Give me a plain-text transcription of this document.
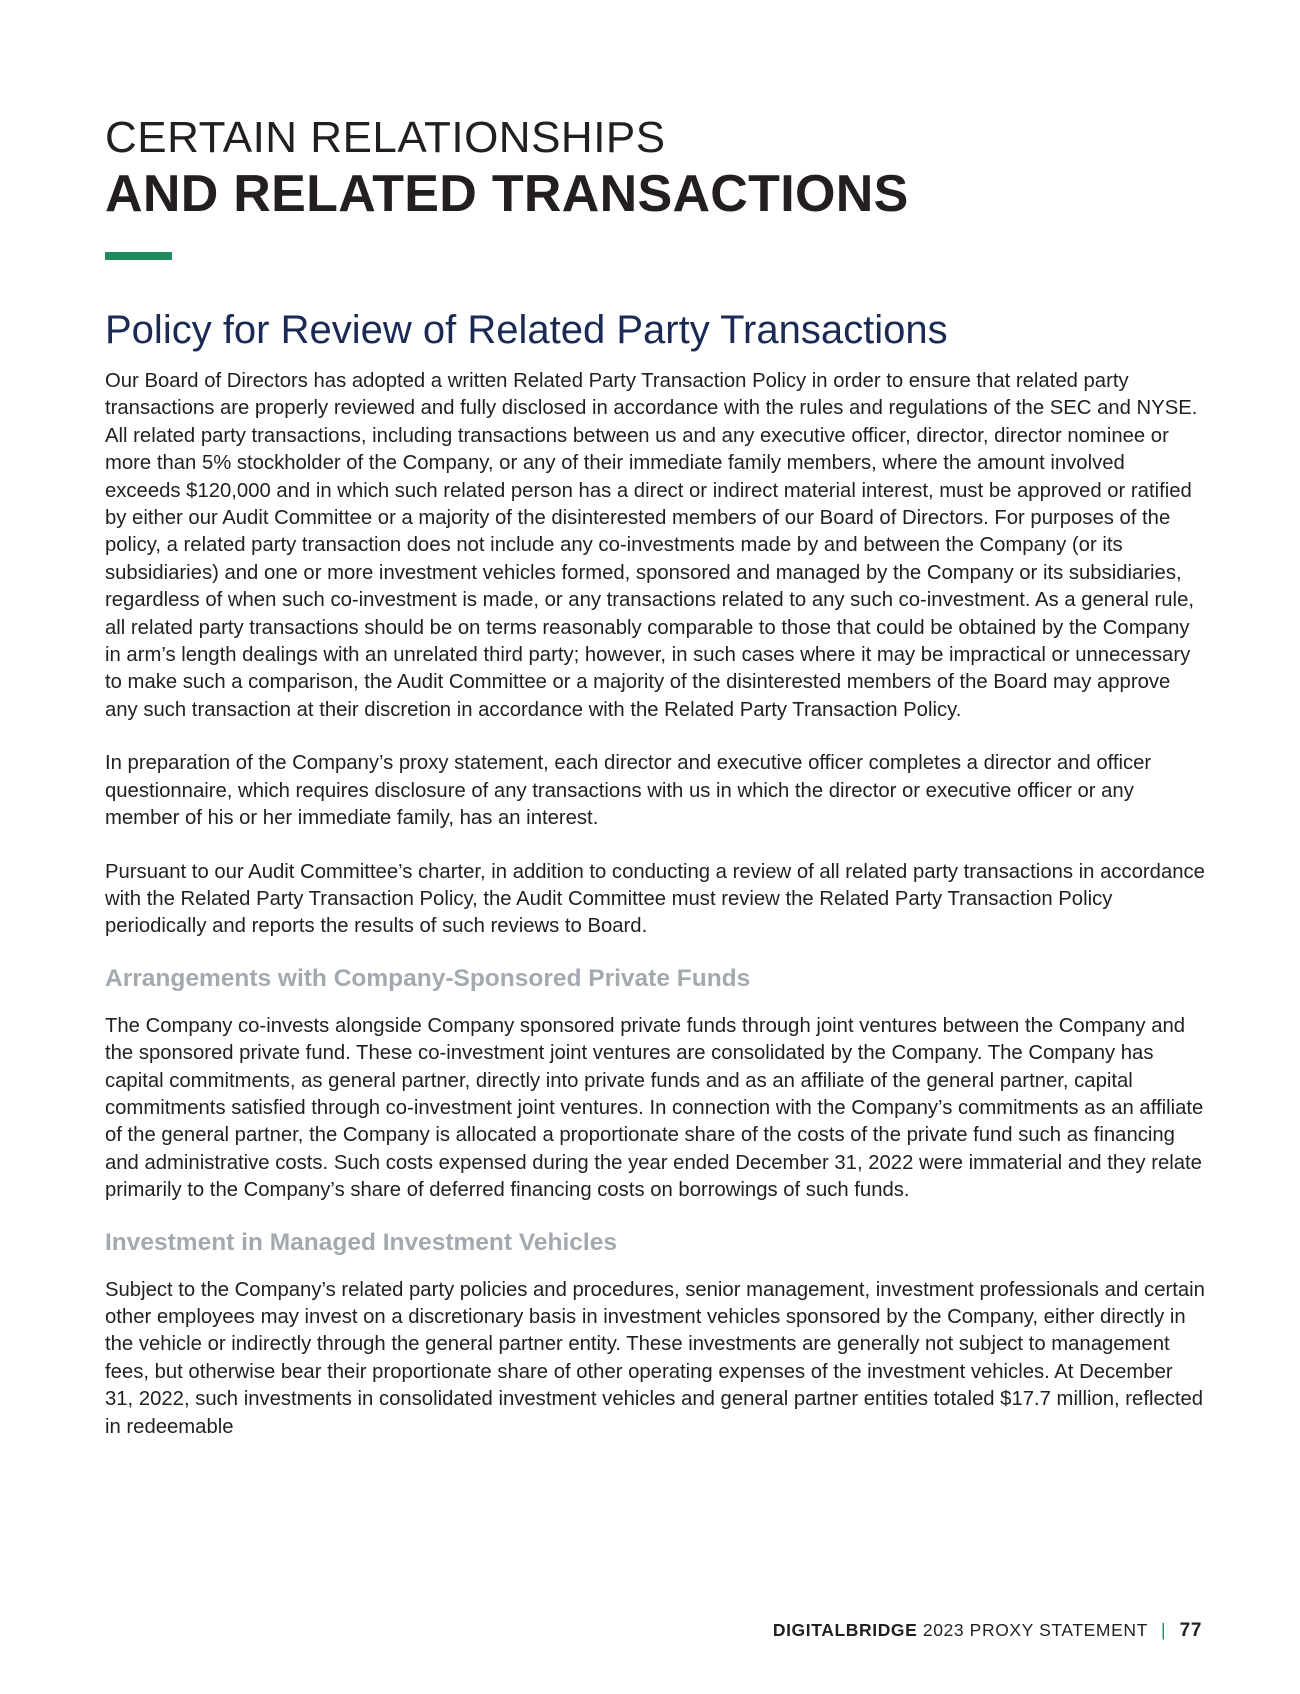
CERTAIN RELATIONSHIPS
AND RELATED TRANSACTIONS
Policy for Review of Related Party Transactions

Our Board of Directors has adopted a written Related Party Transaction Policy in order to ensure that related party transactions are properly reviewed and fully disclosed in accordance with the rules and regulations of the SEC and NYSE. All related party transactions, including transactions between us and any executive officer, director, director nominee or more than 5% stockholder of the Company, or any of their immediate family members, where the amount involved exceeds $120,000 and in which such related person has a direct or indirect material interest, must be approved or ratified by either our Audit Committee or a majority of the disinterested members of our Board of Directors. For purposes of the policy, a related party transaction does not include any co-investments made by and between the Company (or its subsidiaries) and one or more investment vehicles formed, sponsored and managed by the Company or its subsidiaries, regardless of when such co-investment is made, or any transactions related to any such co-investment. As a general rule, all related party transactions should be on terms reasonably comparable to those that could be obtained by the Company in arm’s length dealings with an unrelated third party; however, in such cases where it may be impractical or unnecessary to make such a comparison, the Audit Committee or a majority of the disinterested members of the Board may approve any such transaction at their discretion in accordance with the Related Party Transaction Policy.

In preparation of the Company’s proxy statement, each director and executive officer completes a director and officer questionnaire, which requires disclosure of any transactions with us in which the director or executive officer or any member of his or her immediate family, has an interest.

Pursuant to our Audit Committee’s charter, in addition to conducting a review of all related party transactions in accordance with the Related Party Transaction Policy, the Audit Committee must review the Related Party Transaction Policy periodically and reports the results of such reviews to Board.

Arrangements with Company-Sponsored Private Funds

The Company co-invests alongside Company sponsored private funds through joint ventures between the Company and the sponsored private fund. These co-investment joint ventures are consolidated by the Company. The Company has capital commitments, as general partner, directly into private funds and as an affiliate of the general partner, capital commitments satisfied through co-investment joint ventures. In connection with the Company’s commitments as an affiliate of the general partner, the Company is allocated a proportionate share of the costs of the private fund such as financing and administrative costs. Such costs expensed during the year ended December 31, 2022 were immaterial and they relate primarily to the Company’s share of deferred financing costs on borrowings of such funds.

Investment in Managed Investment Vehicles

Subject to the Company’s related party policies and procedures, senior management, investment professionals and certain other employees may invest on a discretionary basis in investment vehicles sponsored by the Company, either directly in the vehicle or indirectly through the general partner entity. These investments are generally not subject to management fees, but otherwise bear their proportionate share of other operating expenses of the investment vehicles. At December 31, 2022, such investments in consolidated investment vehicles and general partner entities totaled $17.7 million, reflected in redeemable

DIGITALBRIDGE 2023 PROXY STATEMENT | 77
